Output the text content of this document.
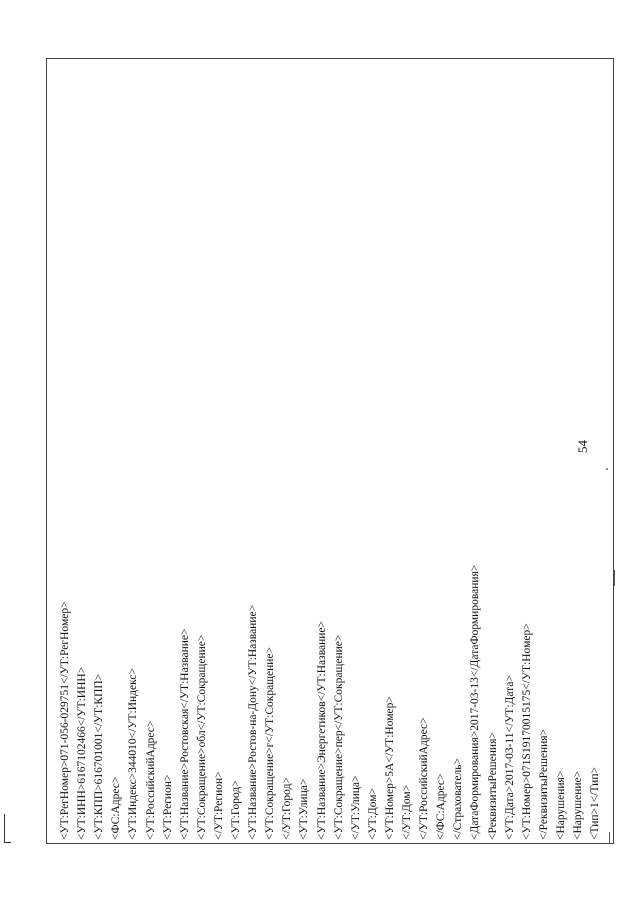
54
<УТ:РегНомер>071-056-029751</УТ:РегНомер> <УТ:ИНН>6167102466</УТ:ИНН> <УТ:КПП>616701001</УТ:КПП> <ФС:Адрес> <УТ:Индекс>344010</УТ:Индекс> <УТ:РоссийскийАдрес> <УТ:Регион> <УТ:Название>Ростовская</УТ:Название> <УТ:Сокращение>обл</УТ:Сокращение> </УТ:Регион> <УТ:Город> <УТ:Название>Ростов-на-Дону</УТ:Название> <УТ:Сокращение>г</УТ:Сокращение> </УТ:Город> <УТ:Улица> <УТ:Название>Энергетиков</УТ:Название> <УТ:Сокращение>пер</УТ:Сокращение> </УТ:Улица> <УТ:Дом> <УТ:Номер>5А</УТ:Номер> </УТ:Дом> </УТ:РоссийскийАдрес> </ФС:Адрес> </Страхователь> <ДатаФормирования>2017-03-13</ДатаФормирования> <РеквизитыРешения> <УТ:Дата>2017-03-11</УТ:Дата> <УТ:Номер>071S19170015175</УТ:Номер> </РеквизитыРешения> <Нарушения> <Нарушение> <Тип>1</Тип>
